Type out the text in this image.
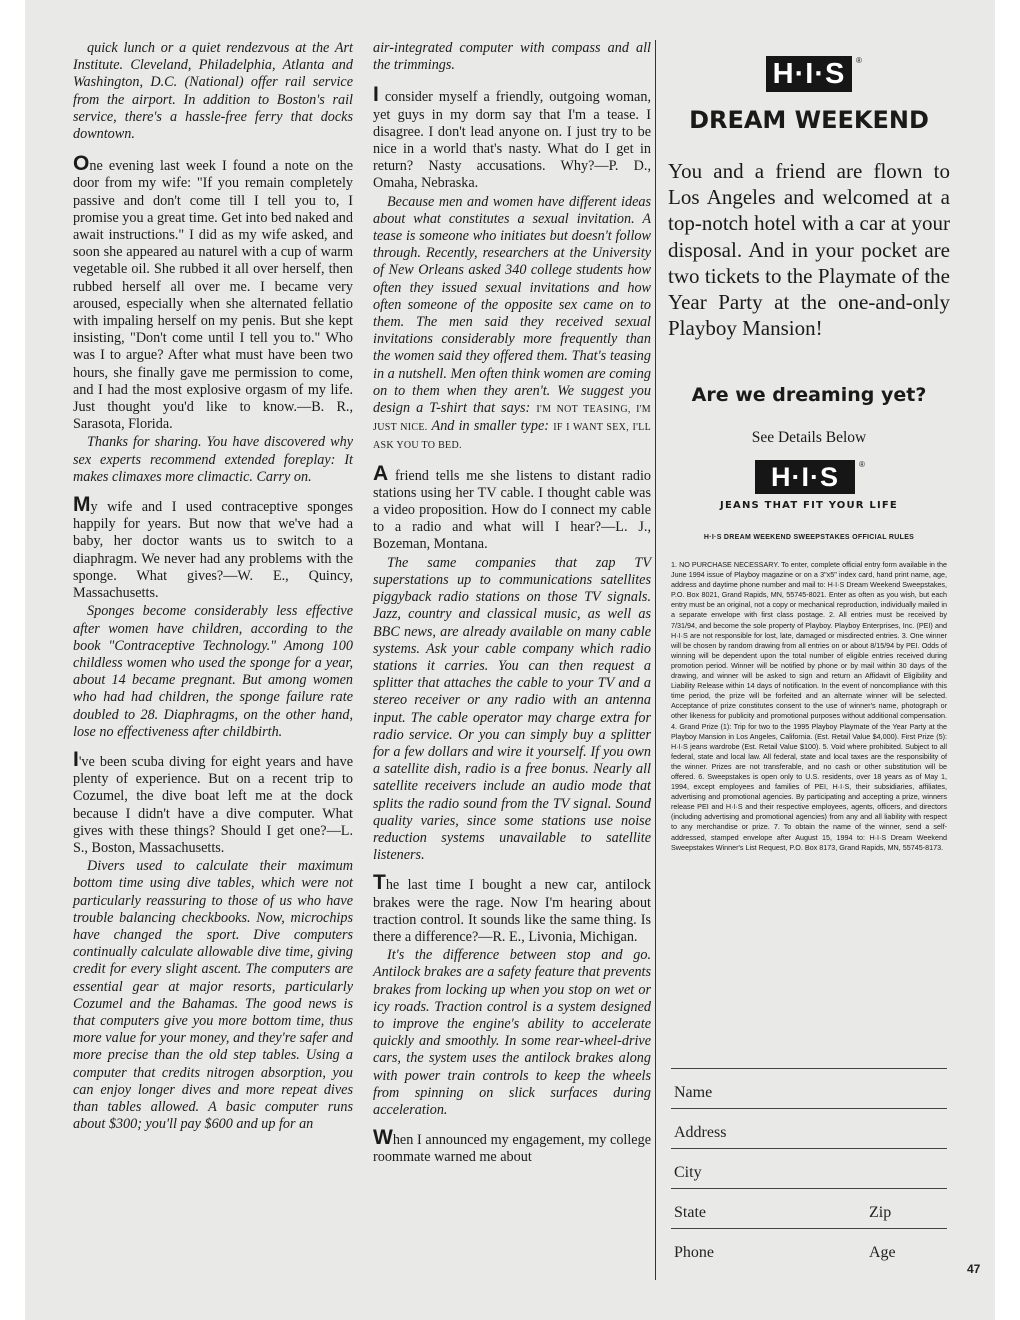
quick lunch or a quiet rendezvous at the Art Institute. Cleveland, Philadelphia, Atlanta and Washington, D.C. (National) offer rail service from the airport. In addition to Boston's rail service, there's a hassle-free ferry that docks downtown.

One evening last week I found a note on the door from my wife: "If you remain completely passive and don't come till I tell you to, I promise you a great time. Get into bed naked and await instructions." I did as my wife asked, and soon she appeared au naturel with a cup of warm vegetable oil. She rubbed it all over herself, then rubbed herself all over me. I became very aroused, especially when she alternated fellatio with impaling herself on my penis. But she kept insisting, "Don't come until I tell you to." Who was I to argue? After what must have been two hours, she finally gave me permission to come, and I had the most explosive orgasm of my life. Just thought you'd like to know.—B. R., Sarasota, Florida.

Thanks for sharing. You have discovered why sex experts recommend extended foreplay: It makes climaxes more climactic. Carry on.

My wife and I used contraceptive sponges happily for years. But now that we've had a baby, her doctor wants us to switch to a diaphragm. We never had any problems with the sponge. What gives?—W. E., Quincy, Massachusetts.

Sponges become considerably less effective after women have children, according to the book "Contraceptive Technology." Among 100 childless women who used the sponge for a year, about 14 became pregnant. But among women who had had children, the sponge failure rate doubled to 28. Diaphragms, on the other hand, lose no effectiveness after childbirth.

I've been scuba diving for eight years and have plenty of experience. But on a recent trip to Cozumel, the dive boat left me at the dock because I didn't have a dive computer. What gives with these things? Should I get one?—L. S., Boston, Massachusetts.

Divers used to calculate their maximum bottom time using dive tables, which were not particularly reassuring to those of us who have trouble balancing checkbooks. Now, microchips have changed the sport. Dive computers continually calculate allowable dive time, giving credit for every slight ascent. The computers are essential gear at major resorts, particularly Cozumel and the Bahamas. The good news is that computers give you more bottom time, thus more value for your money, and they're safer and more precise than the old step tables. Using a computer that credits nitrogen absorption, you can enjoy longer dives and more repeat dives than tables allowed. A basic computer runs about $300; you'll pay $600 and up for an

air-integrated computer with compass and all the trimmings.

I consider myself a friendly, outgoing woman, yet guys in my dorm say that I'm a tease. I disagree. I don't lead anyone on. I just try to be nice in a world that's nasty. What do I get in return? Nasty accusations. Why?—P. D., Omaha, Nebraska.

Because men and women have different ideas about what constitutes a sexual invitation. A tease is someone who initiates but doesn't follow through. Recently, researchers at the University of New Orleans asked 340 college students how often they issued sexual invitations and how often someone of the opposite sex came on to them. The men said they received sexual invitations considerably more frequently than the women said they offered them. That's teasing in a nutshell. Men often think women are coming on to them when they aren't. We suggest you design a T-shirt that says: I'M NOT TEASING, I'M JUST NICE. And in smaller type: IF I WANT SEX, I'LL ASK YOU TO BED.

A friend tells me she listens to distant radio stations using her TV cable. I thought cable was a video proposition. How do I connect my cable to a radio and what will I hear?—L. J., Bozeman, Montana.

The same companies that zap TV superstations up to communications satellites piggyback radio stations on those TV signals. Jazz, country and classical music, as well as BBC news, are already available on many cable systems. Ask your cable company which radio stations it carries. You can then request a splitter that attaches the cable to your TV and a stereo receiver or any radio with an antenna input. The cable operator may charge extra for radio service. Or you can simply buy a splitter for a few dollars and wire it yourself. If you own a satellite dish, radio is a free bonus. Nearly all satellite receivers include an audio mode that splits the radio sound from the TV signal. Sound quality varies, since some stations use noise reduction systems unavailable to satellite listeners.

The last time I bought a new car, antilock brakes were the rage. Now I'm hearing about traction control. It sounds like the same thing. Is there a difference?—R. E., Livonia, Michigan.

It's the difference between stop and go. Antilock brakes are a safety feature that prevents brakes from locking up when you stop on wet or icy roads. Traction control is a system designed to improve the engine's ability to accelerate quickly and smoothly. In some rear-wheel-drive cars, the system uses the antilock brakes along with power train controls to keep the wheels from spinning on slick surfaces during acceleration.

When I announced my engagement, my college roommate warned me about

H·I·S	®
DREAM WEEKEND

You and a friend are flown to Los Angeles and welcomed at a top-notch hotel with a car at your disposal. And in your pocket are two tickets to the Playmate of the Year Party at the one-and-only Playboy Mansion!

Are we dreaming yet?
See Details Below
H·I·S	®
JEANS THAT FIT YOUR LIFE
H·I·S DREAM WEEKEND SWEEPSTAKES OFFICIAL RULES

1. NO PURCHASE NECESSARY. To enter, complete official entry form available in the June 1994 issue of Playboy magazine or on a 3"x5" index card, hand print name, age, address and daytime phone number and mail to: H·I·S Dream Weekend Sweepstakes, P.O. Box 8021, Grand Rapids, MN, 55745-8021. Enter as often as you wish, but each entry must be an original, not a copy or mechanical reproduction, individually mailed in a separate envelope with first class postage. 2. All entries must be received by 7/31/94, and become the sole property of Playboy. Playboy Enterprises, Inc. (PEI) and H·I·S are not responsible for lost, late, damaged or misdirected entries. 3. One winner will be chosen by random drawing from all entries on or about 8/15/94 by PEI. Odds of winning will be dependent upon the total number of eligible entries received during promotion period. Winner will be notified by phone or by mail within 30 days of the drawing, and winner will be asked to sign and return an Affidavit of Eligibility and Liability Release within 14 days of notification. In the event of noncompliance with this time period, the prize will be forfeited and an alternate winner will be selected. Acceptance of prize constitutes consent to the use of winner's name, photograph or other likeness for publicity and promotional purposes without additional compensation. 4. Grand Prize (1): Trip for two to the 1995 Playboy Playmate of the Year Party at the Playboy Mansion in Los Angeles, California. (Est. Retail Value $4,000). First Prize (5): H·I·S jeans wardrobe (Est. Retail Value $100). 5. Void where prohibited. Subject to all federal, state and local law. All federal, state and local taxes are the responsibility of the winner. Prizes are not transferable, and no cash or other substitution will be offered. 6. Sweepstakes is open only to U.S. residents, over 18 years as of May 1, 1994, except employees and families of PEI, H·I·S, their subsidiaries, affiliates, advertising and promotional agencies. By participating and accepting a prize, winners release PEI and H·I·S and their respective employees, agents, officers, and directors (including advertising and promotional agencies) from any and all liability with respect to any merchandise or prize. 7. To obtain the name of the winner, send a self-addressed, stamped envelope after August 15, 1994 to: H·I·S Dream Weekend Sweepstakes Winner's List Request, P.O. Box 8173, Grand Rapids, MN, 55745-8173.

Name
Address
City
State	Zip
Phone	Age
47
